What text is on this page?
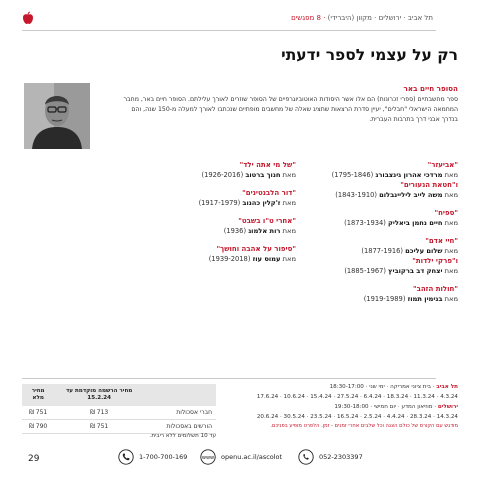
תל אביב · ירושלים · מקוון (היברידי) · 8 מפגשים
רק על עצמי לספר ידעתי
הסופר חיים באר
ספר מחשבתיים (ספרי זכרונות) הם אלו אשר היסודות האוטוביוגרפיים של הסופר שוזרים לאורך עלילתם. הסופר חיים באר, מחבר המחמאה הישראלי "חבלים", יעיין סדרת הרצאות שתציג שאלה של מחשבים מופתיים שנכתבו לאורך למעלה מ-150 שנה, והם בנדרך אבני דרך בתרבות העברית.
"אביעזר"
מאת מרדכי אהרון גינצבורג (1795-1846)
ו"חטאת הנעורים"
מאת משה לייב ליליינבלום (1843-1910)
"ספיח"
מאת חיים נחמן ביאליק (1873-1934)
"חיי אדם"
מאת שלום עליכם (1877-1916)
ו"פרקי ילדות"
מאת יצחק דב ברקוביץ (1885-1967)
"חולות הזהב"
מאת בנימין תמוז (1919-1989)
"של מי אתה ילד"
מאת חנוך ברטוב (1926-2016)
"דור הלבנטינים"
מאת ז'קלין כהנוב (1917-1979)
"אחרי ט"ו בשבט"
מאת רות אלמוג (1936)
"סיפור על אהבה וחושך"
מאת עמוס עוז (1939-2018)
תל אביב · בית ציוני אמריקה · ימי שני · 18:30-17:00
4.3.24 · 11.3.24 · 18.3.24 · 6.4.24 · 27.5.24 · 15.4.24 · 10.6.24 · 17.6.24
ירושלים · מוזיאון המדע · יום חמישי · 19:30-18:00
14.3.24 · 28.3.24 · 4.4.24 · 2.5.24 · 16.5.24 · 23.5.24 · 30.5.24 · 20.6.24
מודגש עם הקורס של כולם הצגה וכל שלבים אחרי זמנים - זמן. הלפרט מופיע בפניכם.
	מחיר הרשמה מוקדמת עד 15.2.24	מחיר מלא
חברי אסכולות	713 ₪	751 ₪
הורשים באסכולות	751 ₪	790 ₪
עד 10 תשלומים ללא ריבית.
29	1-700-700-169	www openu.ac.il/ascolot	052-2303397
